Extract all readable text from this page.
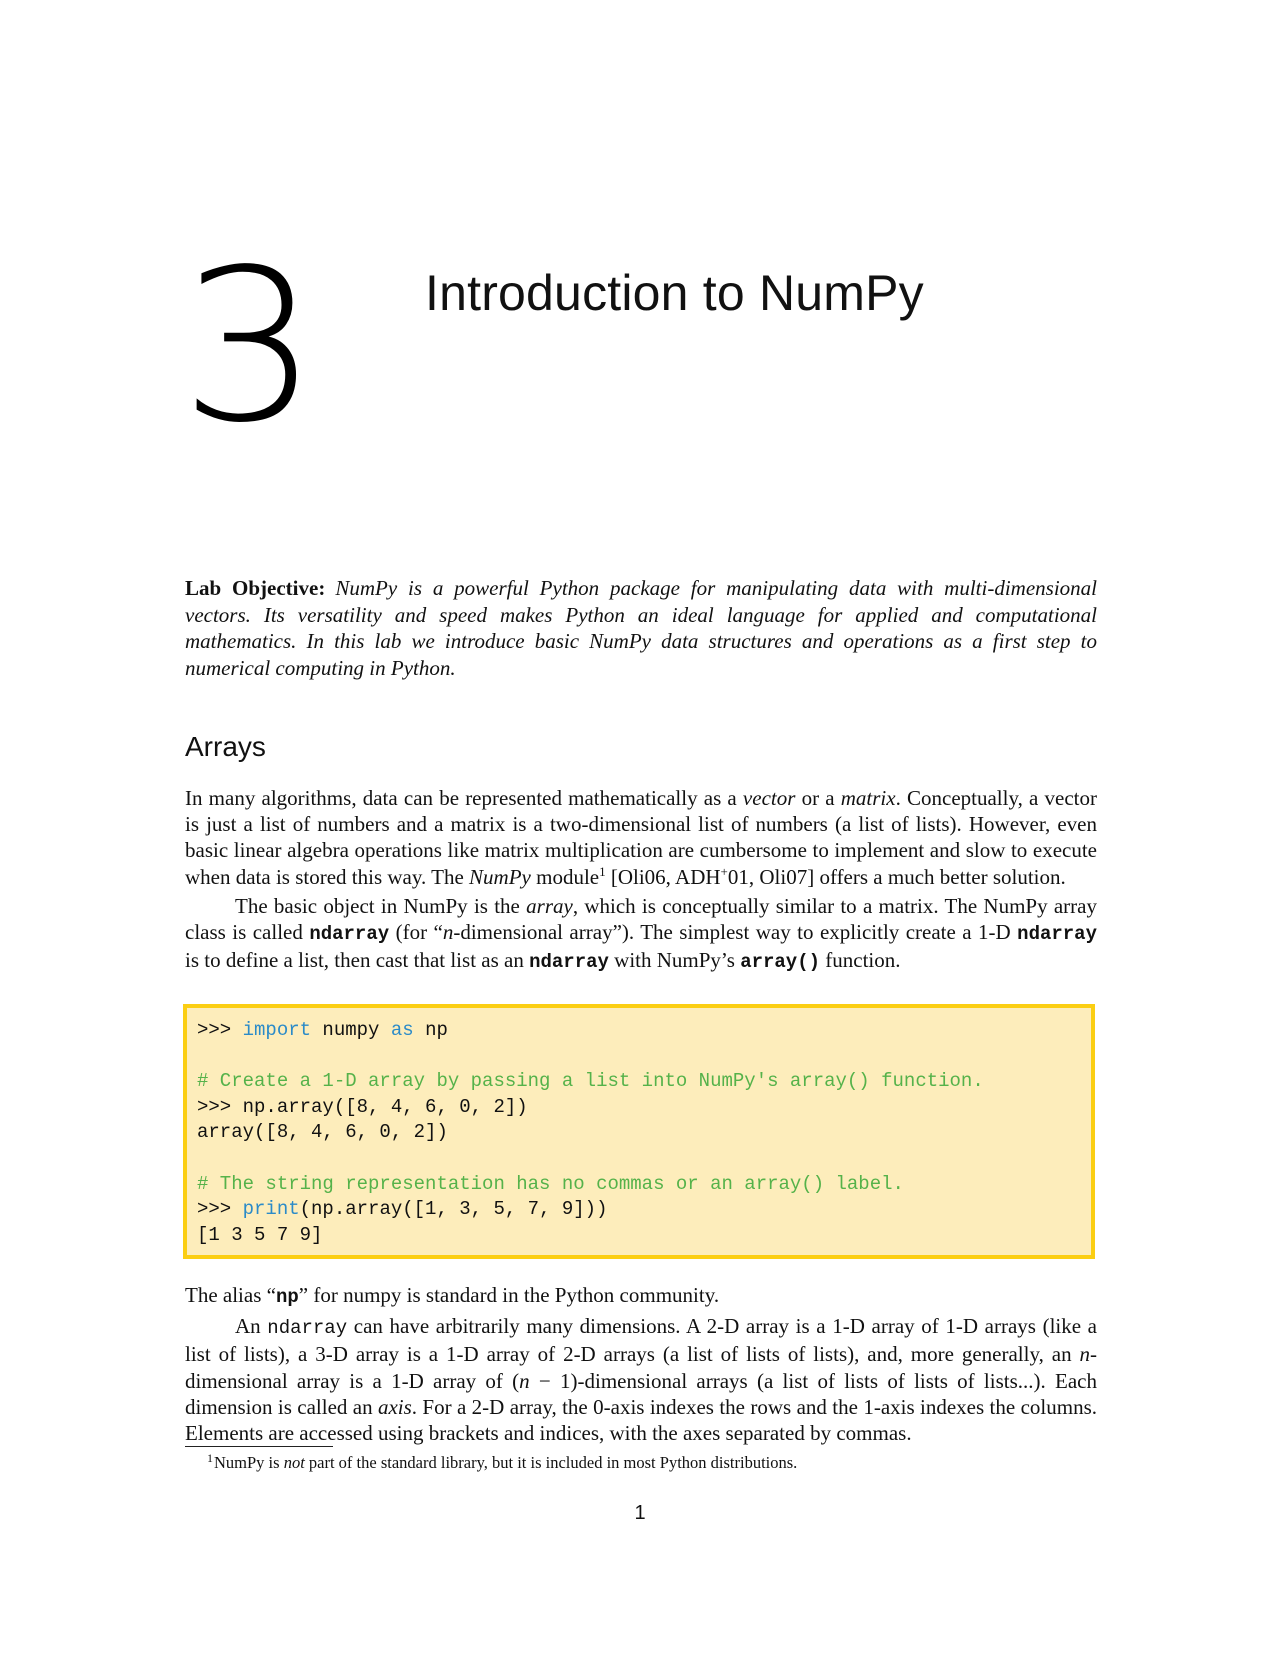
3 Introduction to NumPy
Lab Objective: NumPy is a powerful Python package for manipulating data with multi-dimensional vectors. Its versatility and speed makes Python an ideal language for applied and computational mathematics. In this lab we introduce basic NumPy data structures and operations as a first step to numerical computing in Python.
Arrays

In many algorithms, data can be represented mathematically as a vector or a matrix. Conceptually, a vector is just a list of numbers and a matrix is a two-dimensional list of numbers (a list of lists). However, even basic linear algebra operations like matrix multiplication are cumbersome to implement and slow to execute when data is stored this way. The NumPy module$^1$ [Oli06, ADH+01, Oli07] offers a much better solution.

The basic object in NumPy is the array, which is conceptually similar to a matrix. The NumPy array class is called ndarray (for “n-dimensional array”). The simplest way to explicitly create a 1-D ndarray is to define a list, then cast that list as an ndarray with NumPy’s array() function.

>>> import numpy as np
# Create a 1-D array by passing a list into NumPy's array() function.
>>> np.array([8, 4, 6, 0, 2])
array([8, 4, 6, 0, 2])
# The string representation has no commas or an array() label.
>>> print(np.array([1, 3, 5, 7, 9]))
[1 3 5 7 9]

The alias “np” for numpy is standard in the Python community.

An ndarray can have arbitrarily many dimensions. A 2-D array is a 1-D array of 1-D arrays (like a list of lists), a 3-D array is a 1-D array of 2-D arrays (a list of lists of lists), and, more generally, an n-dimensional array is a 1-D array of (n − 1)-dimensional arrays (a list of lists of lists of lists...). Each dimension is called an axis. For a 2-D array, the 0-axis indexes the rows and the 1-axis indexes the columns. Elements are accessed using brackets and indices, with the axes separated by commas.

$^1$NumPy is not part of the standard library, but it is included in most Python distributions.
1
